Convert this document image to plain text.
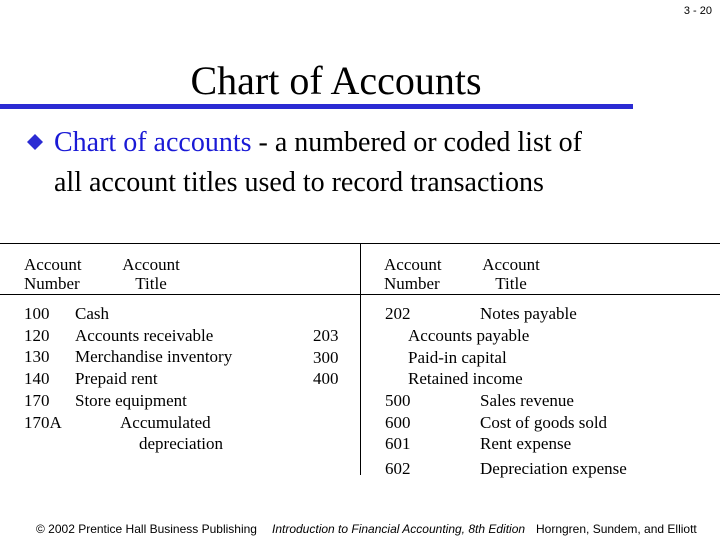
3 - 20
Chart of Accounts
Chart of accounts - a numbered or coded list of
all account titles used to record transactions
Account
Number
Account
Title
Account
Number
Account
Title
100
120
130
140
170
170A
Cash
Accounts receivable
Merchandise inventory
Prepaid rent
Store equipment
Accumulated
depreciation
203
300
400
202	Notes payable
Accounts payable
Paid-in capital
Retained income
500
600
601
602
Sales revenue
Cost of goods sold
Rent expense
Depreciation expense
© 2002 Prentice Hall Business Publishing Introduction to Financial Accounting, 8th Edition Horngren, Sundem, and Elliott
